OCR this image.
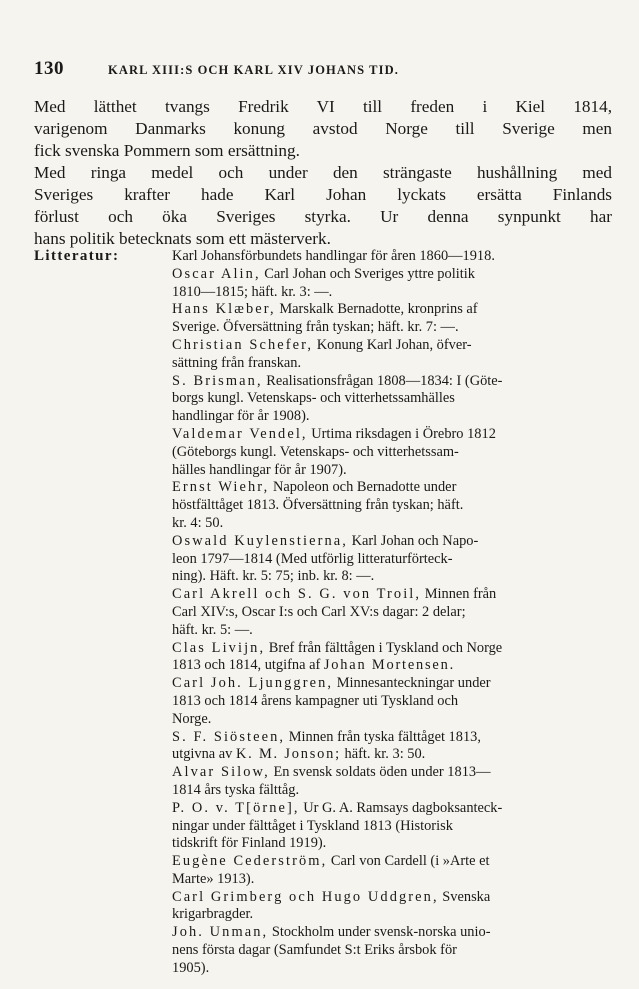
130	KARL XIII:S OCH KARL XIV JOHANS TID.
Med lätthet tvangs Fredrik VI till freden i Kiel 1814,
varigenom Danmarks konung avstod Norge till Sverige men
fick svenska Pommern som ersättning.
Med ringa medel och under den strängaste hushållning med
Sveriges krafter hade Karl Johan lyckats ersätta Finlands
förlust och öka Sveriges styrka. Ur denna synpunkt har
hans politik betecknats som ett mästerverk.
Litteratur:	Karl Johansförbundets handlingar för åren 1860—1918.
Oscar Alin, Carl Johan och Sveriges yttre politik
1810—1815; häft. kr. 3: —.
Hans Klæber, Marskalk Bernadotte, kronprins af
Sverige. Öfversättning från tyskan; häft. kr. 7: —.
Christian Schefer, Konung Karl Johan, öfver-
sättning från franskan.
S. Brisman, Realisationsfrågan 1808—1834: I (Göte-
borgs kungl. Vetenskaps- och vitterhetssamhälles
handlingar för år 1908).
Valdemar Vendel, Urtima riksdagen i Örebro 1812
(Göteborgs kungl. Vetenskaps- och vitterhetssam-
hälles handlingar för år 1907).
Ernst Wiehr, Napoleon och Bernadotte under
höstfälttåget 1813. Öfversättning från tyskan; häft.
kr. 4: 50.
Oswald Kuylenstierna, Karl Johan och Napo-
leon 1797—1814 (Med utförlig litteraturförteck-
ning). Häft. kr. 5: 75; inb. kr. 8: —.
Carl Akrell och S. G. von Troil, Minnen från
Carl XIV:s, Oscar I:s och Carl XV:s dagar: 2 delar;
häft. kr. 5: —.
Clas Livijn, Bref från fälttågen i Tyskland och Norge
1813 och 1814, utgifna af Johan Mortensen.
Carl Joh. Ljunggren, Minnesanteckningar under
1813 och 1814 årens kampagner uti Tyskland och
Norge.
S. F. Siösteen, Minnen från tyska fälttåget 1813,
utgivna av K. M. Jonson; häft. kr. 3: 50.
Alvar Silow, En svensk soldats öden under 1813—
1814 års tyska fälttåg.
P. O. v. T[örne], Ur G. A. Ramsays dagboksanteck-
ningar under fälttåget i Tyskland 1813 (Historisk
tidskrift för Finland 1919).
Eugène Cederström, Carl von Cardell (i »Arte et
Marte» 1913).
Carl Grimberg och Hugo Uddgren, Svenska
krigarbragder.
Joh. Unman, Stockholm under svensk-norska unio-
nens första dagar (Samfundet S:t Eriks årsbok för
1905).
